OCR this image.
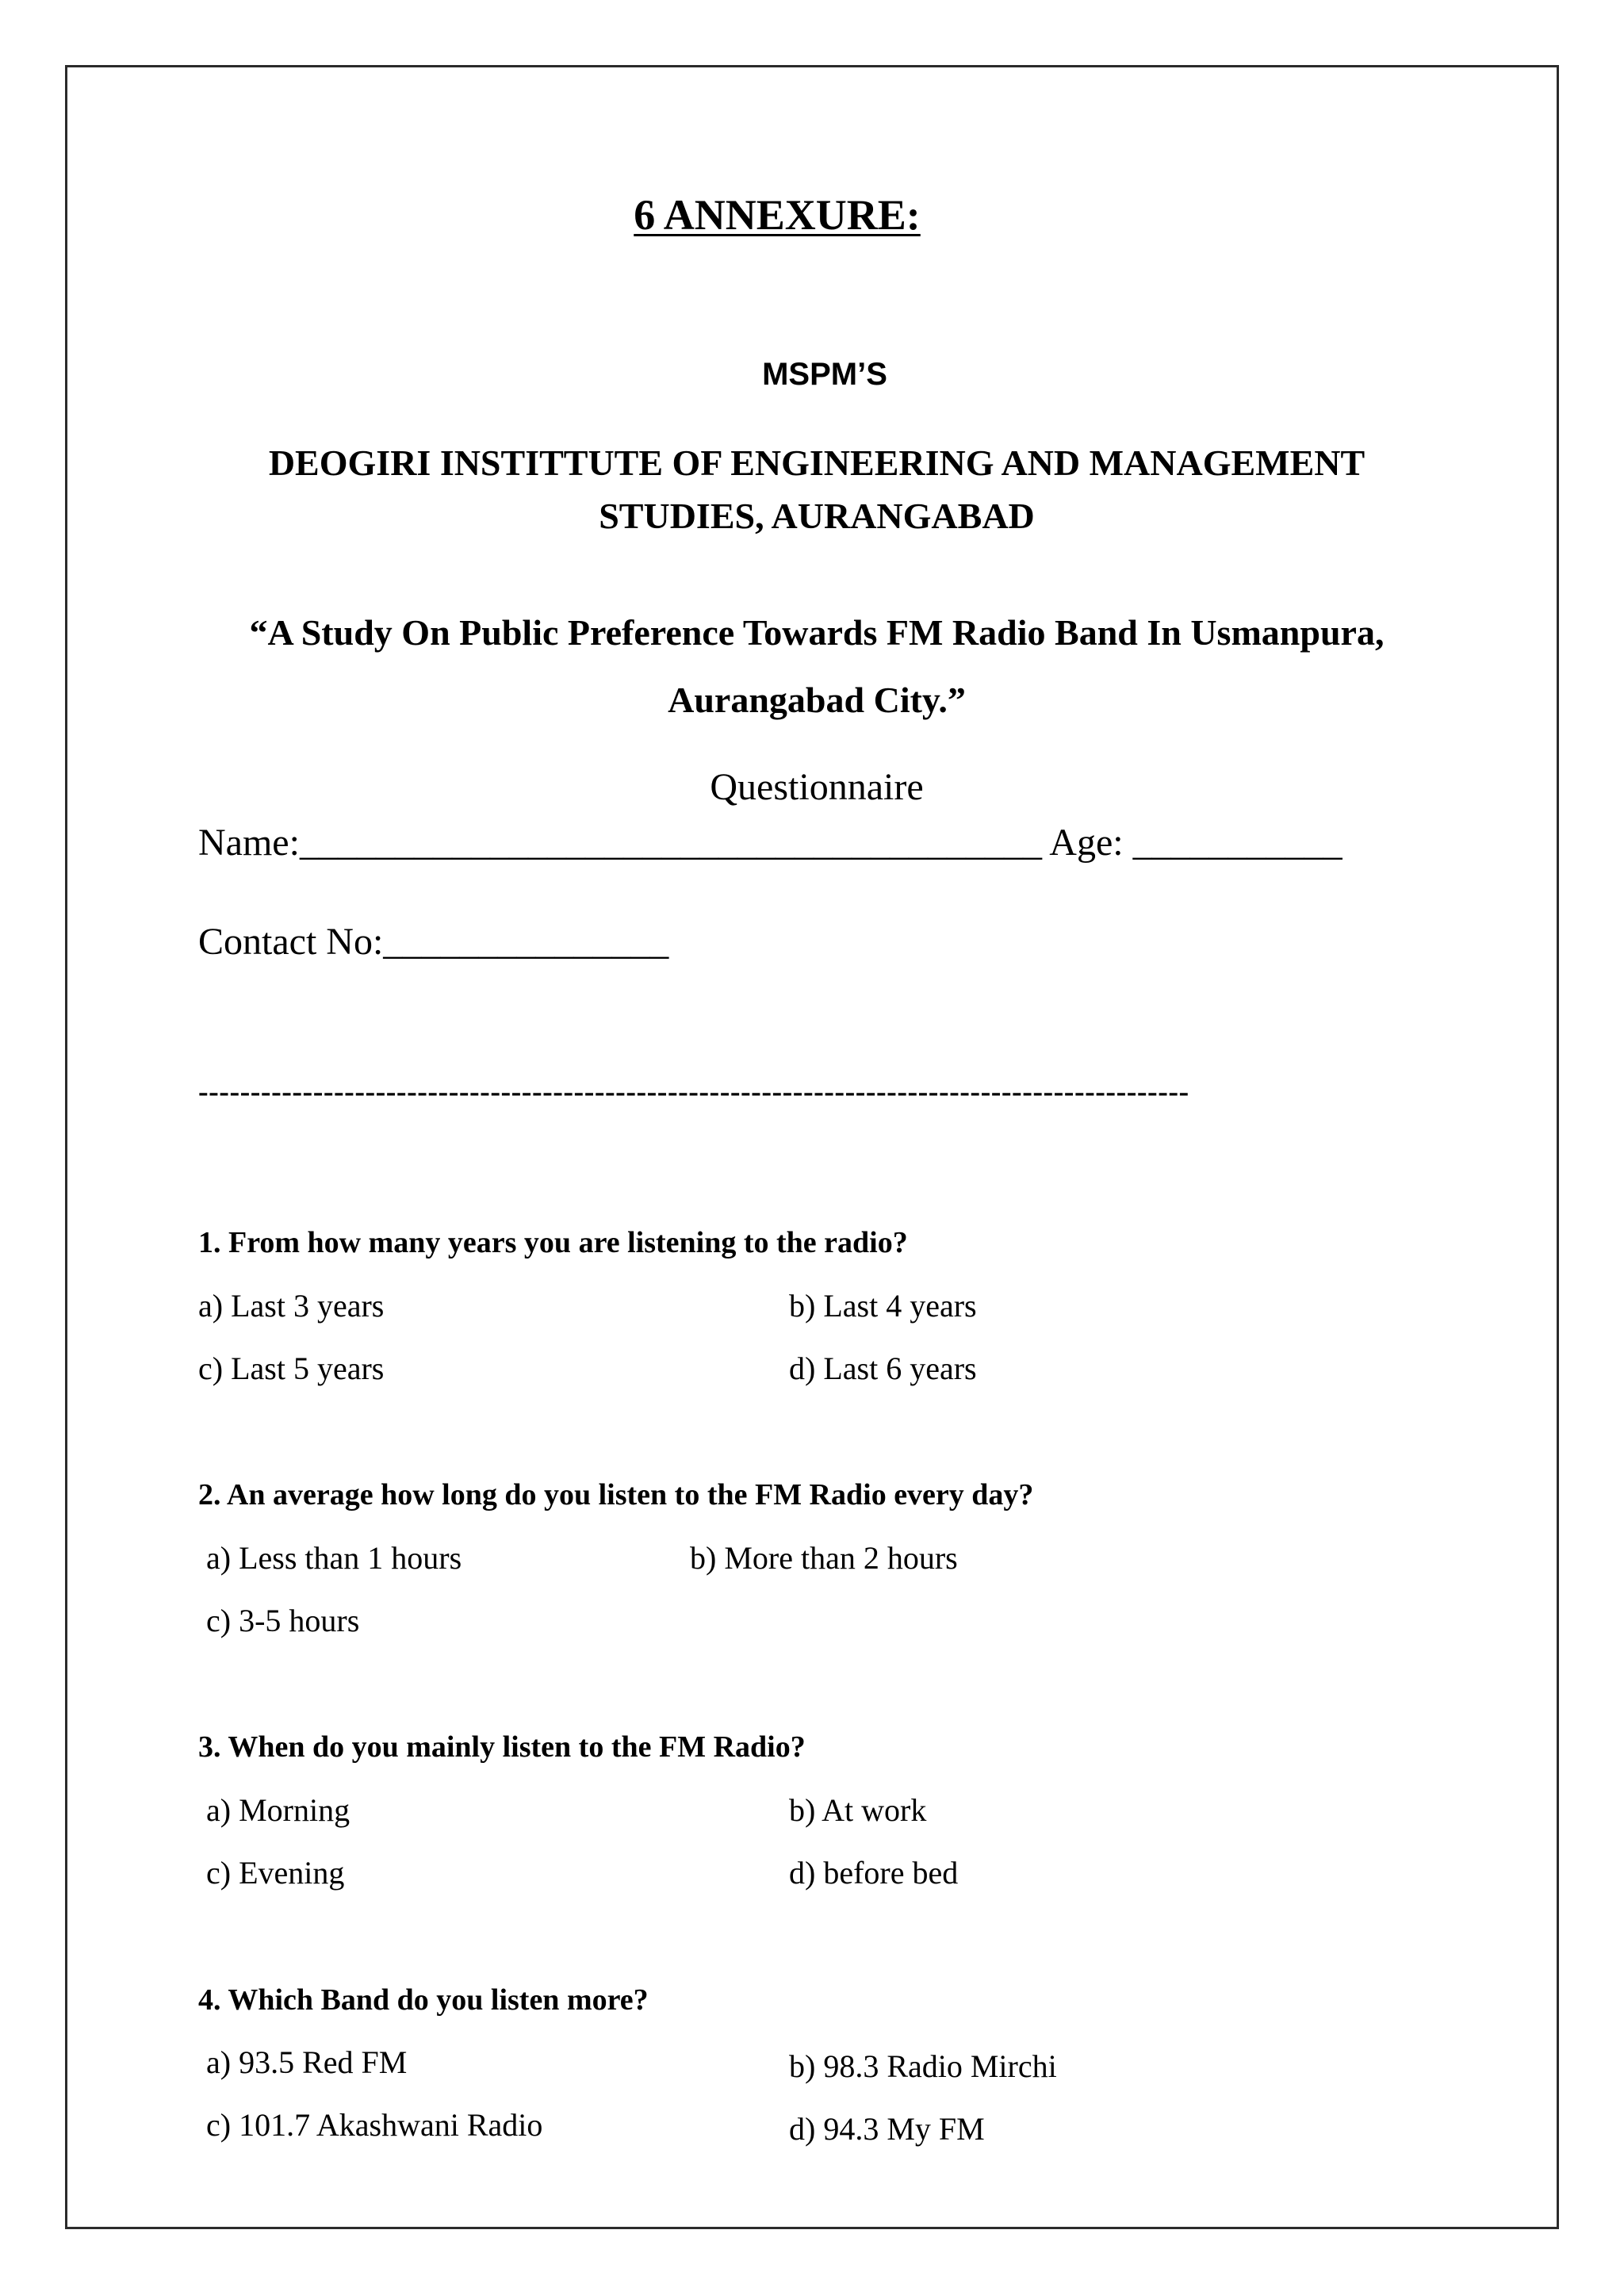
6 ANNEXURE:
MSPM’S
DEOGIRI INSTITTUTE OF ENGINEERING AND MANAGEMENT
STUDIES, AURANGABAD
“A Study On Public Preference Towards FM Radio Band In Usmanpura,
Aurangabad City.”
Questionnaire
Name:_______________________________________ Age: ___________
Contact No:_______________
-----------------------------------------------------------------------------------------------
1. From how many years you are listening to the radio?
a) Last 3 years	b) Last 4 years
c) Last 5 years	d) Last 6 years
2. An average how long do you listen to the FM Radio every day?
a) Less than 1 hours	b) More than 2 hours
c) 3-5 hours
3. When do you mainly listen to the FM Radio?
a) Morning	b) At work
c) Evening	d) before bed
4. Which Band do you listen more?
a) 93.5 Red FM	b) 98.3 Radio Mirchi
c) 101.7 Akashwani Radio	d) 94.3 My FM
